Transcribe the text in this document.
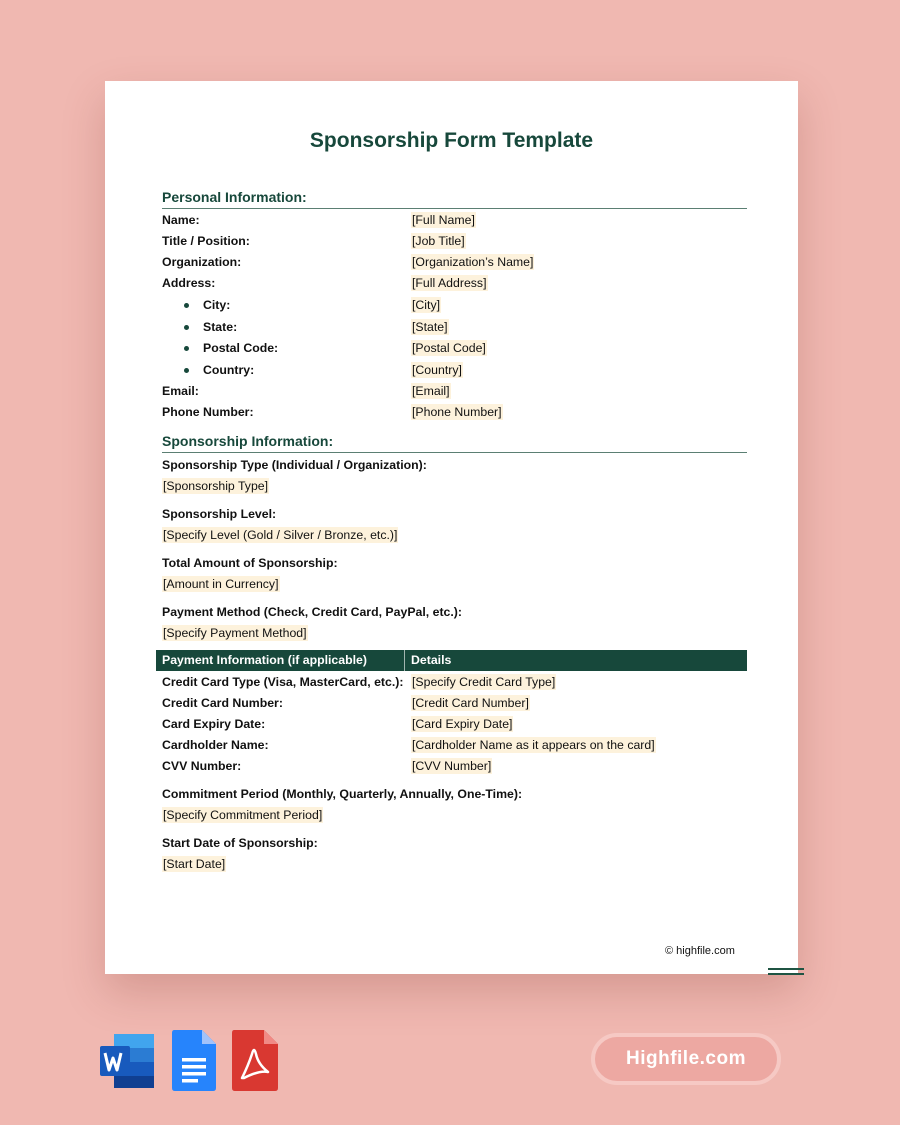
Sponsorship Form Template
Personal Information:
Name:	[Full Name]
Title / Position:	[Job Title]
Organization:	[Organization’s Name]
Address:	[Full Address]
City:	[City]
State:	[State]
Postal Code:	[Postal Code]
Country:	[Country]
Email:	[Email]
Phone Number:	[Phone Number]
Sponsorship Information:
Sponsorship Type (Individual / Organization):
[Sponsorship Type]
Sponsorship Level:
[Specify Level (Gold / Silver / Bronze, etc.)]
Total Amount of Sponsorship:
[Amount in Currency]
Payment Method (Check, Credit Card, PayPal, etc.):
[Specify Payment Method]
Payment Information (if applicable)	Details
Credit Card Type (Visa, MasterCard, etc.): [Specify Credit Card Type]
Credit Card Number:	[Credit Card Number]
Card Expiry Date:	[Card Expiry Date]
Cardholder Name:	[Cardholder Name as it appears on the card]
CVV Number:	[CVV Number]
Commitment Period (Monthly, Quarterly, Annually, One-Time):
[Specify Commitment Period]
Start Date of Sponsorship:
[Start Date]
© highfile.com
Highfile.com
